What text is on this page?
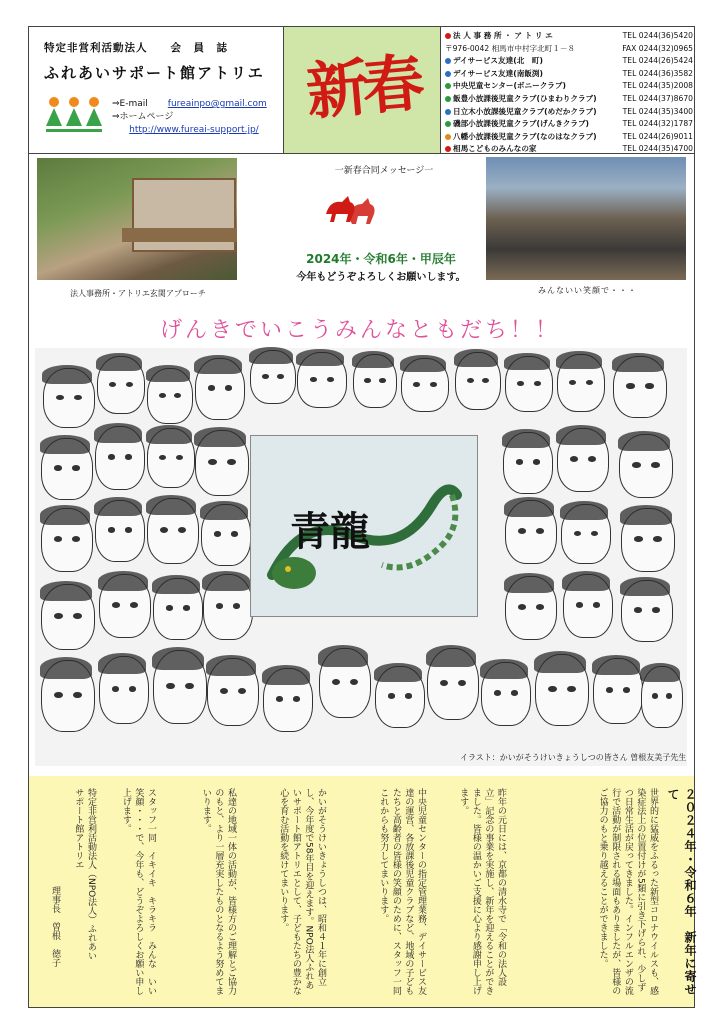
特定非営利活動法人　　会　員　誌
ふれあいサポート館アトリエ
⇒E-mail fureainpo@gmail.com
⇒ホームページ
http://www.fureai-support.jp/
新春
法 人 事 務 所 ・ ア ト リ エ	TEL 0244(36)5420
〒976-0042 相馬市中村字北町１－８	FAX 0244(32)0965
デイサービス友達(北　町)	TEL 0244(26)5424
デイサービス友達(南飯渕)	TEL 0244(36)3582
中央児童センター(ボニークラブ)	TEL 0244(35)2008
飯豊小放課後児童クラブ(ひまわりクラブ)	TEL 0244(37)8670
日立木小放課後児童クラブ(めだかクラブ)	TEL 0244(35)3400
磯部小放課後児童クラブ(げんきクラブ)	TEL 0244(32)1787
八幡小放課後児童クラブ(なのはなクラブ)	TEL 0244(26)9011
相馬こどものみんなの家	TEL 0244(35)4700
法人事務所・アトリエ玄関アプローチ	みんないい笑顔で・・・
一新春合同メッセージ一
2024年・令和6年・甲辰年
今年もどうぞよろしくお願いします。
げんきでいこうみんなともだち！！
青龍
イラスト：かいがそうけいきょうしつの皆さん 曽根友美子先生
２０２４年・令和６年　新年に寄せて
世界的に猛威をふるった新型コロナウイルスも、感染症法上の位置付けが5類に引き下げられ、少しずつ日常生活が戻ってきました。インフルエンザの流行で活動が制限される場面もありましたが、皆様のご協力のもと乗り越えることができました。
昨年の元日には、京都の清水寺で「令和の法人設立」記念の事業を実施し、新年を迎えることができました。皆様の温かいご支援に心より感謝申し上げます。
中央児童センターの指定管理業務、デイサービス友達の運営、各放課後児童クラブなど、地域の子どもたちと高齢者の皆様の笑顔のために、スタッフ一同これからも努力してまいります。
かいがそうけいきょうしつは、昭和４１年に創立し、今年度で58年目を迎えます。NPO法人ふれあいサポート館アトリエとして、子どもたちの豊かな心を育む活動を続けてまいります。
私達の地域一体の活動が、皆様方のご理解とご協力のもと、より一層充実したものとなるよう努めてまいります。
スタッフ一同　イキイキ　キラキラ　みんな　いい笑顔・・・で、今年も、どうぞよろしくお願い申し上げます。
特定非営利活動法人（NPO法人）ふれあいサポート館アトリエ
理事長　曽根　徳子
